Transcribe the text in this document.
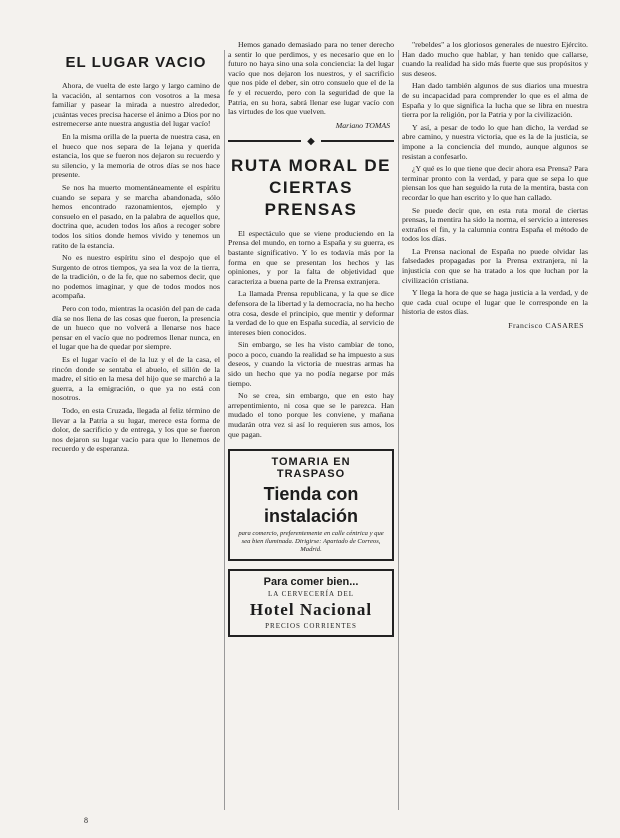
EL LUGAR VACIO

Ahora, de vuelta de este largo y largo camino de la vacación, al sentarnos con vosotros a la mesa familiar y pasear la mirada a nuestro alrededor, ¡cuántas veces precisa hacerse el ánimo a Dios por no estremecerse ante nuestra angustia del lugar vacío!

En la misma orilla de la puerta de nuestra casa, en el hueco que nos separa de la lejana y querida estancia, los que se fueron nos dejaron su recuerdo y su silencio, y la memoria de otros días se nos hace presente.

Se nos ha muerto momentáneamente el espíritu cuando se separa y se marcha abandonada, sólo hemos encontrado razonamientos, ejemplo y consuelo en el pasado, en la palabra de aquellos que, doctrina que, acuden todos los años a recoger sobre todos los sitios donde hemos vivido y tenemos un ratito de la estancia.

No es nuestro espíritu sino el despojo que el Surgento de otros tiempos, ya sea la voz de la tierra, de la tradición, o de la fe, que no sabemos decir, que no podemos imaginar, y que de todos modos nos acompaña.

Pero con todo, mientras la ocasión del pan de cada día se nos llena de las cosas que fueron, la presencia de un hueco que no volverá a llenarse nos hace pensar en el vacío que no podremos llenar nunca, en el lugar que ha de quedar por siempre.

Es el lugar vacío el de la luz y el de la casa, el rincón donde se sentaba el abuelo, el sillón de la madre, el sitio en la mesa del hijo que se marchó a la guerra, a la emigración, o que ya no está con nosotros.

Todo, en esta Cruzada, llegada al feliz término de llevar a la Patria a su lugar, merece esta forma de dolor, de sacrificio y de entrega, y los que se fueron nos dejaron su lugar vacío para que lo llenemos de recuerdo y de esperanza.

Hemos ganado demasiado para no tener derecho a sentir lo que perdimos, y es necesario que en lo futuro no haya sino una sola conciencia: la del lugar vacío que nos dejaron los nuestros, y el sacrificio que nos pide el deber, sin otro consuelo que el de la fe y el recuerdo, pero con la seguridad de que la Patria, en su hora, sabrá llenar ese lugar vacío con las virtudes de los que vuelven.

Mariano TOMAS
◆
RUTA MORAL DE CIERTAS PRENSAS

El espectáculo que se viene produciendo en la Prensa del mundo, en torno a España y su guerra, es bastante significativo. Y lo es todavía más por la forma en que se presentan los hechos y las opiniones, y por la falta de objetividad que caracteriza a buena parte de la Prensa extranjera.

La llamada Prensa republicana, y la que se dice defensora de la libertad y la democracia, no ha hecho otra cosa, desde el principio, que mentir y deformar la verdad de lo que en España sucedía, al servicio de intereses bien conocidos.

Sin embargo, se les ha visto cambiar de tono, poco a poco, cuando la realidad se ha impuesto a sus deseos, y cuando la victoria de nuestras armas ha sido un hecho que ya no podía negarse por más tiempo.

No se crea, sin embargo, que en esto hay arrepentimiento, ni cosa que se le parezca. Han mudado el tono porque les conviene, y mañana mudarán otra vez si así lo requieren sus amos, los que pagan.

TOMARIA EN TRASPASO
Tienda con instalación
para comercio, preferentemente en calle céntrica y que sea bien iluminada. Dirigirse: Apartado de Correos, Madrid.
Para comer bien...
LA CERVECERÍA DEL
Hotel Nacional
PRECIOS CORRIENTES

"rebeldes" a los gloriosos generales de nuestro Ejército. Han dado mucho que hablar, y han tenido que callarse, cuando la realidad ha sido más fuerte que sus propósitos y sus deseos.

Han dado también algunos de sus diarios una muestra de su incapacidad para comprender lo que es el alma de España y lo que significa la lucha que se libra en nuestra tierra por la religión, por la Patria y por la civilización.

Y así, a pesar de todo lo que han dicho, la verdad se abre camino, y nuestra victoria, que es la de la justicia, se impone a la conciencia del mundo, aunque algunos se resistan a confesarlo.

¿Y qué es lo que tiene que decir ahora esa Prensa? Para terminar pronto con la verdad, y para que se sepa lo que piensan los que han seguido la ruta de la mentira, basta con recordar lo que han escrito y lo que han callado.

Se puede decir que, en esta ruta moral de ciertas prensas, la mentira ha sido la norma, el servicio a intereses extraños el fin, y la calumnia contra España el método de todos los días.

La Prensa nacional de España no puede olvidar las falsedades propagadas por la Prensa extranjera, ni la injusticia con que se ha tratado a los que luchan por la civilización cristiana.

Y llega la hora de que se haga justicia a la verdad, y de que cada cual ocupe el lugar que le corresponde en la historia de estos días.

Francisco CASARES
8
